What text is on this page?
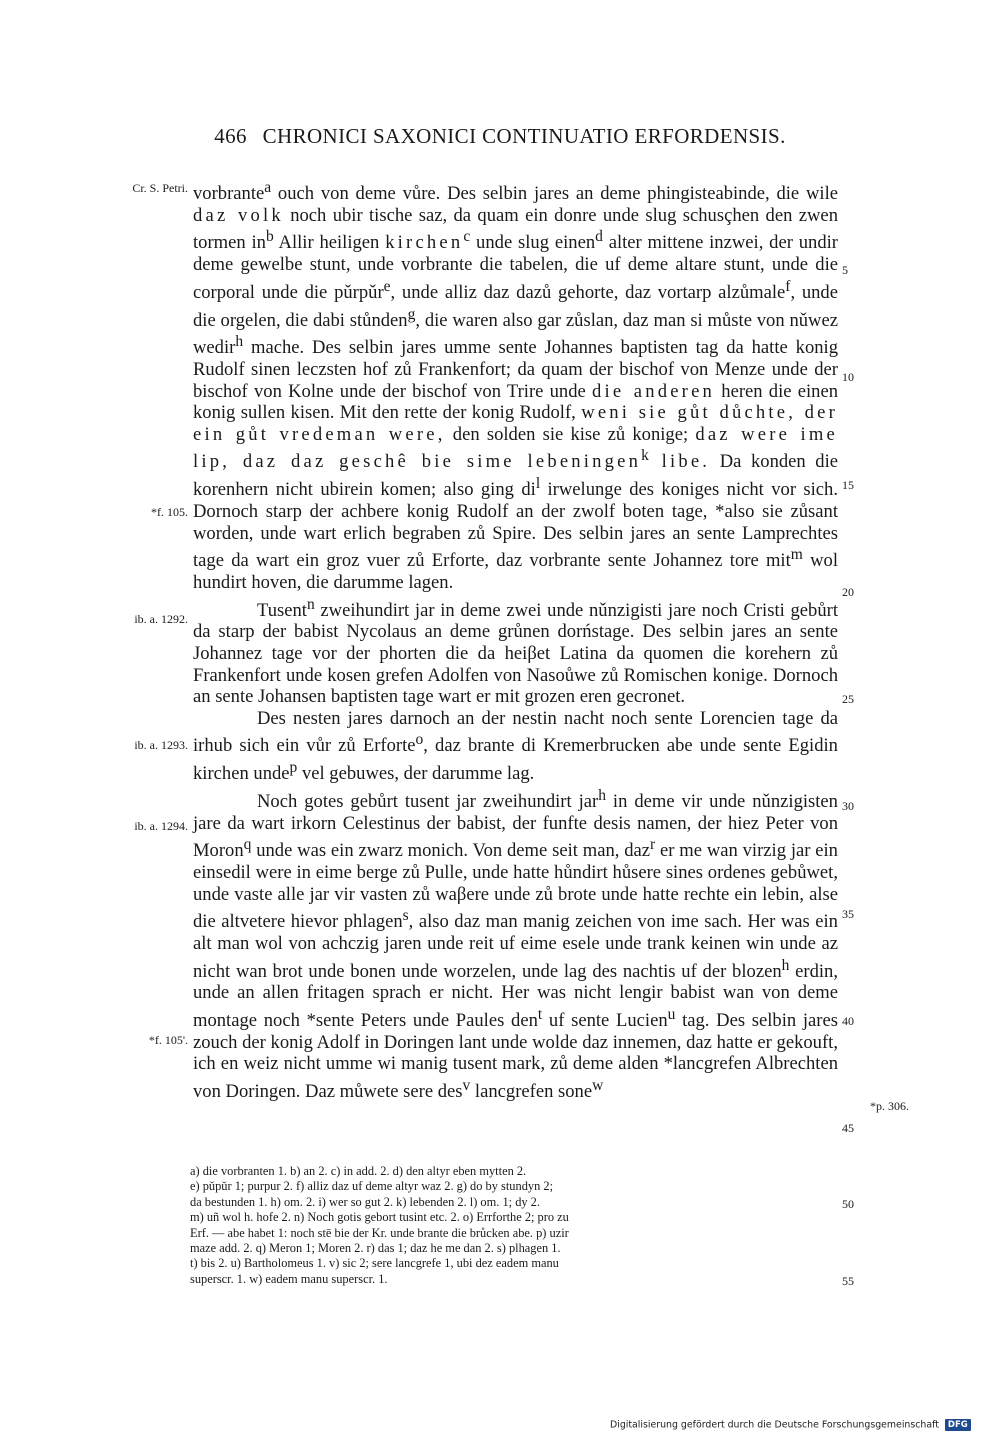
466 CHRONICI SAXONICI CONTINUATIO ERFORDENSIS.
Cr. S. Petri.
*f. 105.
ib. a. 1292.
ib. a. 1293.
ib. a. 1294.
*f. 105'.
*p. 306.
5
10
15
20
25
30
35
40
45

vorbrante$^a$ ouch von deme vůre. Des selbin jares an deme phingisteabinde, die wile daz volk noch ubir tische saz, da quam ein donre unde slug schusçhen den zwen tormen $in^b$ Allir heiligen kirchen$^c$ unde slug einen$^d$ alter mittene inzwei, der undir deme gewelbe stunt, unde vorbrante die tabelen, die uf deme altare stunt, unde die corporal unde die pǔrpǔr$^e$, unde alliz daz dazů gehorte, daz vortarp alzůmale$^f$, unde die orgelen, die dabi stůnden$^g$, die waren also gar zůslan, daz man si můste von nǔwez wedir$^h$ mache. Des selbin jares umme sente Johannes baptisten tag da hatte konig Rudolf sinen leczsten hof zů Frankenfort; da quam der bischof von Menze unde der bischof von Kolne unde der bischof von Trire unde die anderen heren die einen konig sullen kisen. Mit den rette der konig Rudolf, weni sie gůt důchte, der ein gůt vredeman were, den solden sie kise zů konige; daz were ime lip, daz daz geschê bie sime lebeningen$^k$ libe. Da konden die korenhern nicht ubirein komen; also ging $di^l$ irwelunge des koniges nicht vor sich. Dornoch starp der achbere konig Rudolf an der zwolf boten tage, *also sie zůsant worden, unde wart erlich begraben zů Spire. Des selbin jares an sente Lamprechtes tage da wart ein groz vuer zů Erforte, daz vorbrante sente Johannez tore mit$^m$ wol hundirt hoven, die darumme lagen.

Tusent$^n$ zweihundirt jar in deme zwei unde nǔnzigisti jare noch Cristi gebůrt da starp der babist Nycolaus an deme grůnen dorństage. Des selbin jares an sente Johannez tage vor der phorten die da heiβet Latina da quomen die korehern zů Frankenfort unde kosen grefen Adolfen von Nasoůwe zů Romischen konige. Dornoch an sente Johansen baptisten tage wart er mit grozen eren gecronet.

Des nesten jares darnoch an der nestin nacht noch sente Lorencien tage da irhub sich ein vůr zů Erforte$^o$, daz brante di Kremerbrucken abe unde sente Egidin kirchen unde$^p$ vel gebuwes, der darumme lag.

Noch gotes gebůrt tusent jar zweihundirt jar$^h$ in deme vir unde nǔnzigisten jare da wart irkorn Celestinus der babist, der funfte desis namen, der hiez Peter von Moron$^q$ unde was ein zwarz monich. Von deme seit man, daz$^r$ er me wan virzig jar ein einsedil were in eime berge zů Pulle, unde hatte hůndirt hůsere sines ordenes gebůwet, unde vaste alle jar vir vasten zů waβere unde zů brote unde hatte rechte ein lebin, alse die altvetere hievor phlagen$^s$, also daz man manig zeichen von ime sach. Her was ein alt man wol von achczig jaren unde reit uf eime esele unde trank keinen win unde az nicht wan brot unde bonen unde worzelen, unde lag des nachtis uf der blozen$^h$ erdin, unde an allen fritagen sprach er nicht. Her was nicht lengir babist wan von deme montage noch *sente Peters unde Paules den$^t$ uf sente Lucien$^u$ tag. Des selbin jares zouch der konig Adolf in Doringen lant unde wolde daz innemen, daz hatte er gekouft, ich en weiz nicht umme wi manig tusent mark, zů deme alden *lancgrefen Albrechten von Doringen. Daz můwete sere des$^v$ lancgrefen sone$^w$

a) die vorbranten 1. b) an 2. c) in add. 2. d) den altyr eben mytten 2.
e) pǔpǔr 1; purpur 2. f) alliz daz uf deme altyr waz 2. g) do by stundyn 2;
da bestunden 1. h) om. 2. i) wer so gut 2. k) lebenden 2. l) om. 1; dy 2.
m) uñ wol h. hofe 2. n) Noch gotis gebort tusint etc. 2. o) Errforthe 2; pro zu
Erf. — abe habet 1: noch stē bie der Kr. unde brante die brůcken abe. p) uzir
maze add. 2. q) Meron 1; Moren 2. r) das 1; daz he me dan 2. s) plhagen 1.
t) bis 2. u) Bartholomeus 1. v) sic 2; sere lancgrefe 1, ubi dez eadem manu
superscr. 1. w) eadem manu superscr. 1.
50
55
Digitalisierung gefördert durch die Deutsche Forschungsgemeinschaft DFG
